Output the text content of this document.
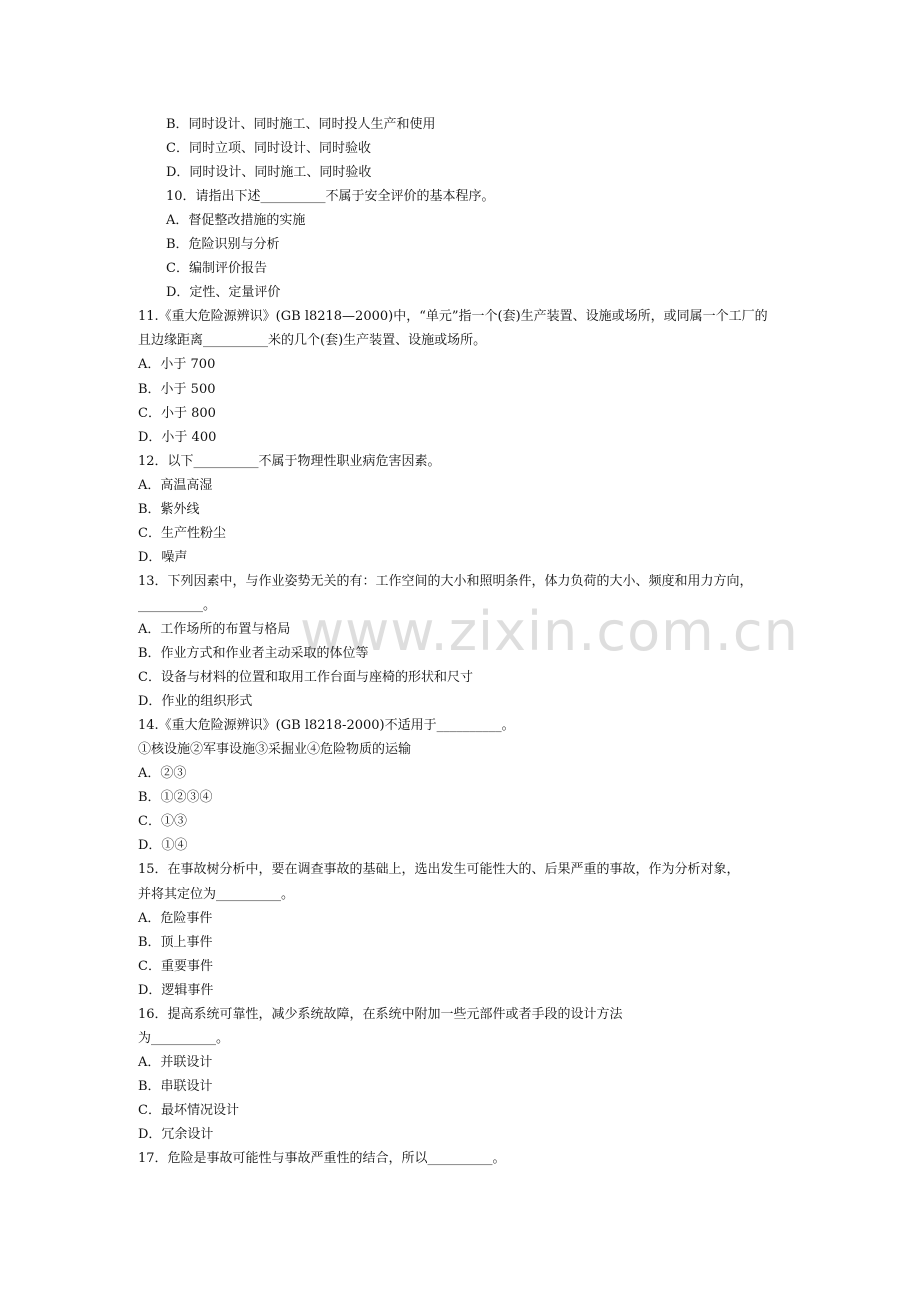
www.zixin.com.cn
B．同时设计、同时施工、同时投人生产和使用
C．同时立项、同时设计、同时验收
D．同时设计、同时施工、同时验收
10．请指出下述__________不属于安全评价的基本程序。
A．督促整改措施的实施
B．危险识别与分析
C．编制评价报告
D．定性、定量评价
11.《重大危险源辨识》(GB l8218—2000)中，“单元”指一个(套)生产装置、设施或场所，或同属一个工厂的
且边缘距离__________米的几个(套)生产装置、设施或场所。
A．小于 700
B．小于 500
C．小于 800
D．小于 400
12．以下__________不属于物理性职业病危害因素。
A．高温高湿
B．紫外线
C．生产性粉尘
D．噪声
13．下列因素中，与作业姿势无关的有：工作空间的大小和照明条件，体力负荷的大小、频度和用力方向，
__________。
A．工作场所的布置与格局
B．作业方式和作业者主动采取的体位等
C．设备与材料的位置和取用工作台面与座椅的形状和尺寸
D．作业的组织形式
14.《重大危险源辨识》(GB l8218-2000)不适用于__________。
①核设施②军事设施③采掘业④危险物质的运输
A．②③
B．①②③④
C．①③
D．①④
15．在事故树分析中，要在调查事故的基础上，选出发生可能性大的、后果严重的事故，作为分析对象，
并将其定位为__________。
A．危险事件
B．顶上事件
C．重要事件
D．逻辑事件
16．提高系统可靠性，减少系统故障，在系统中附加一些元部件或者手段的设计方法
为__________。
A．并联设计
B．串联设计
C．最坏情况设计
D．冗余设计
17．危险是事故可能性与事故严重性的结合，所以__________。
